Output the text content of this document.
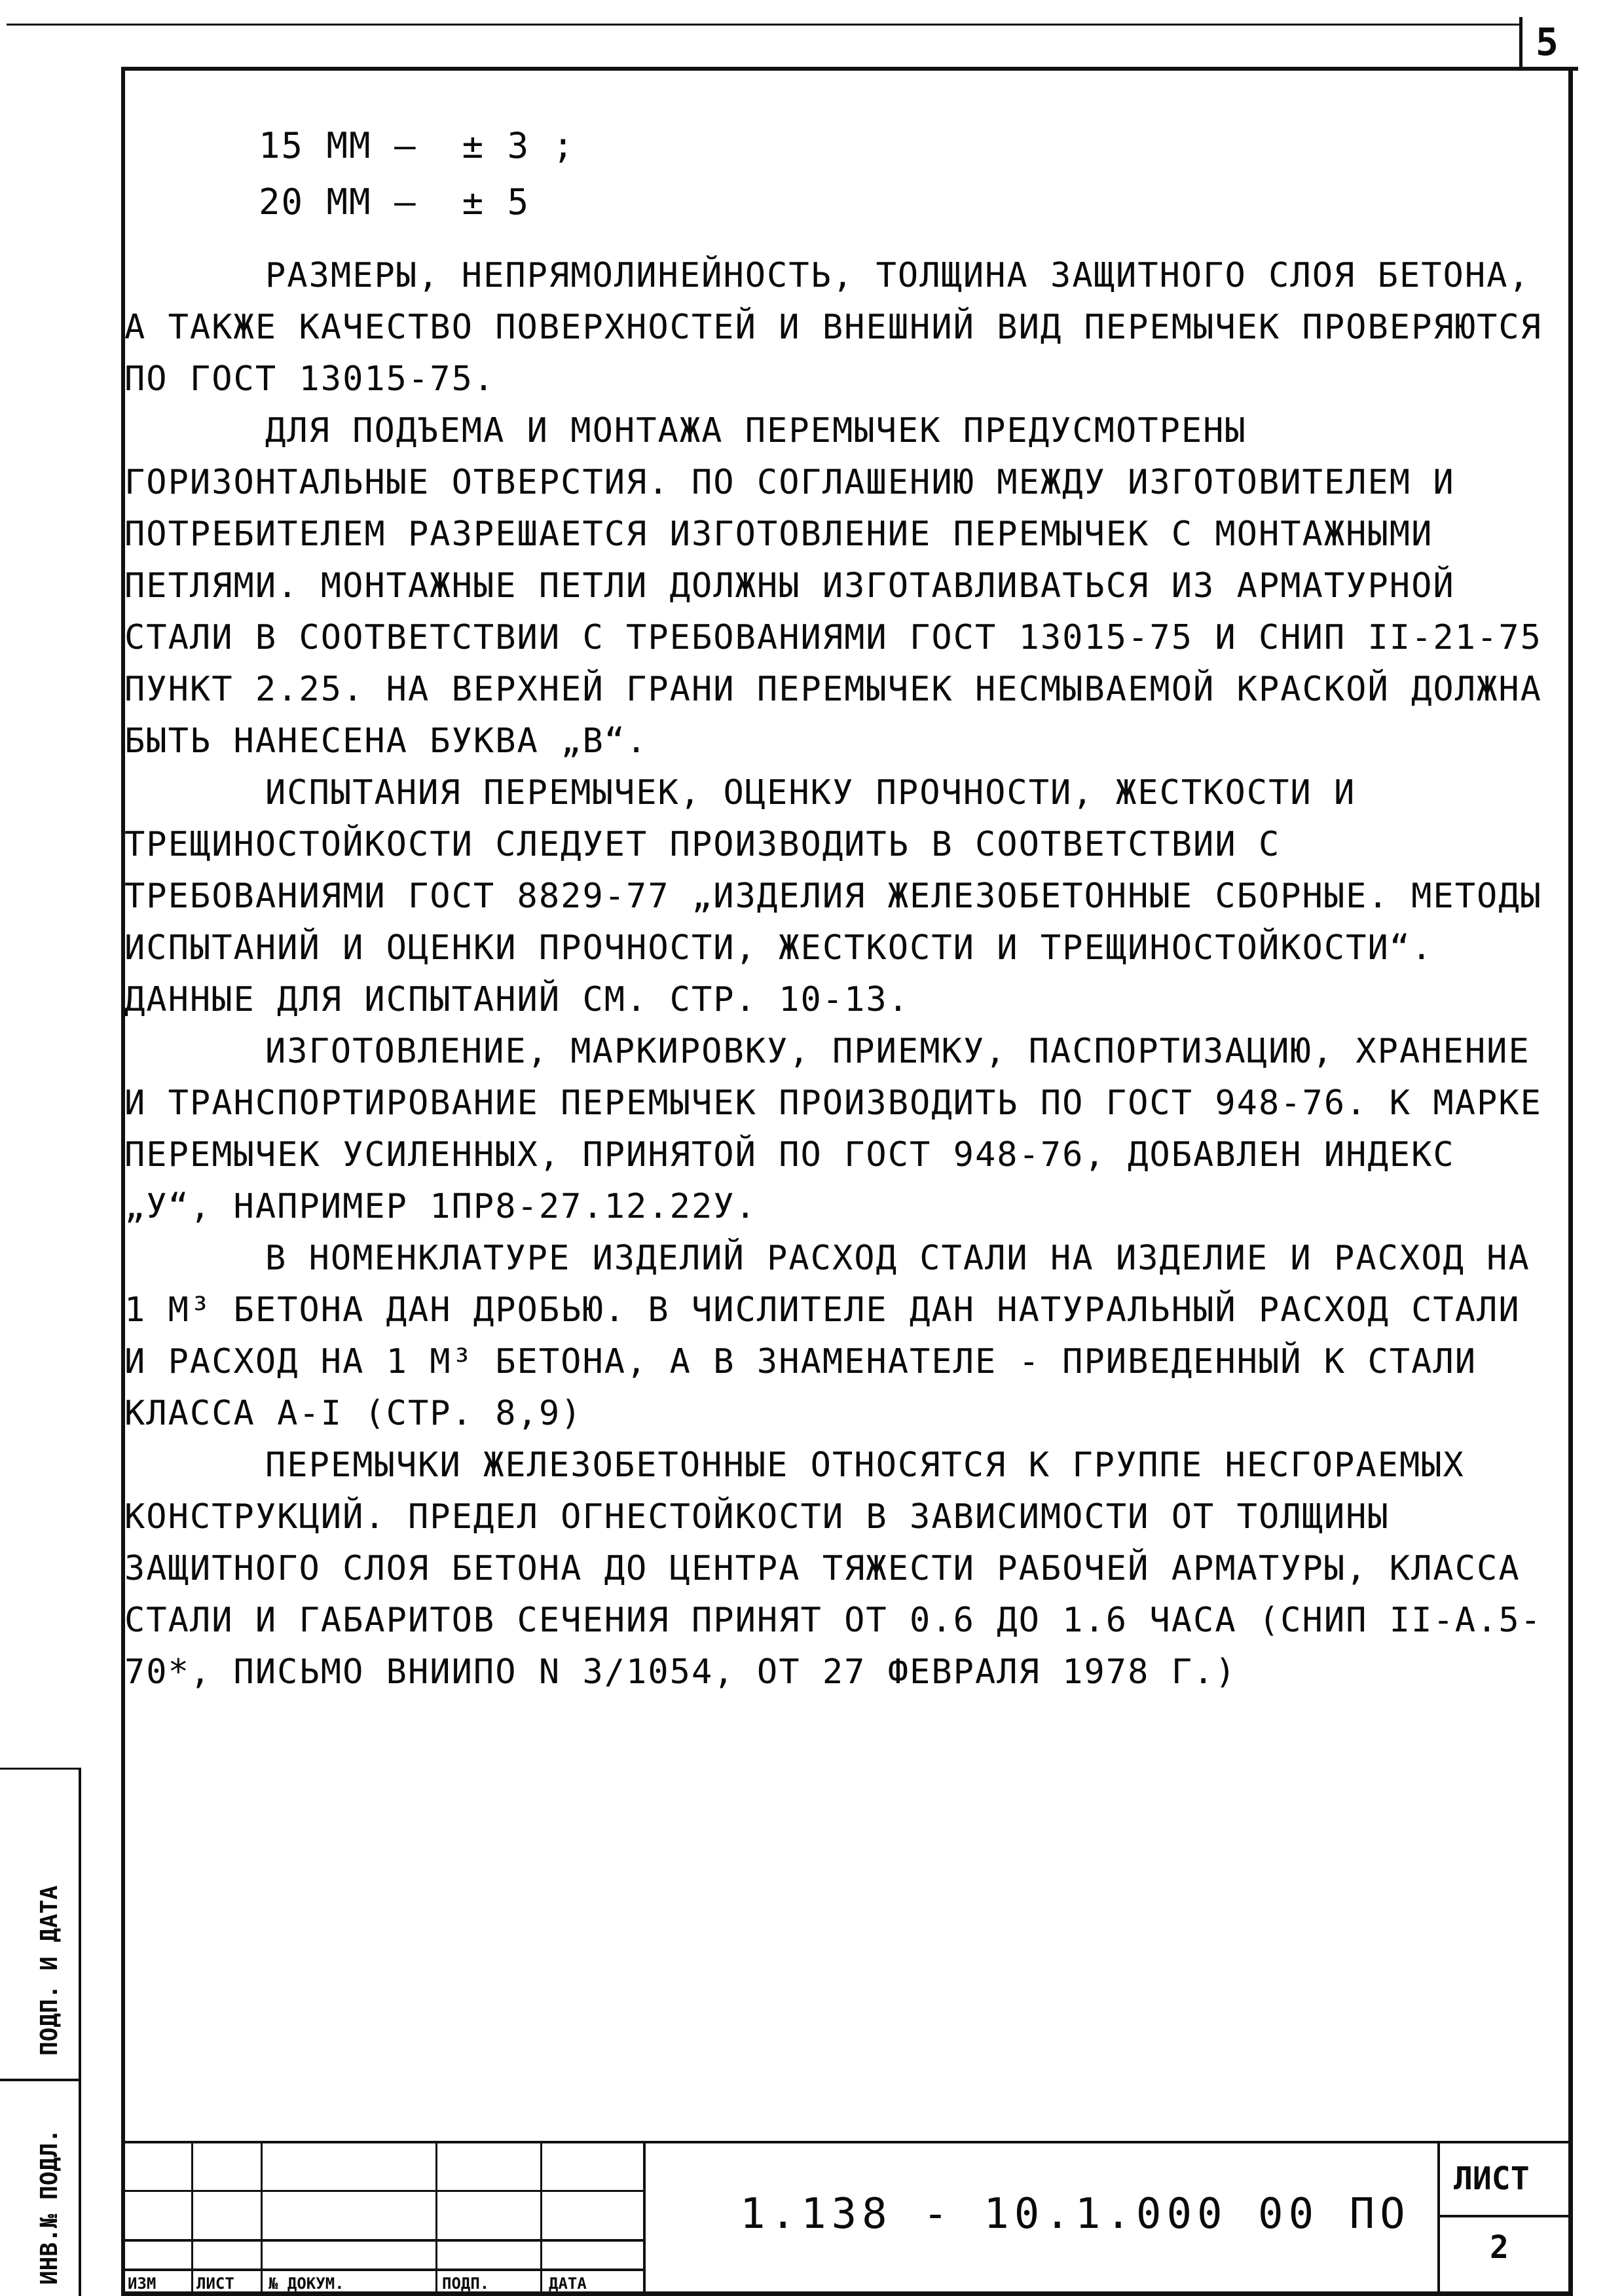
5
15 ММ —  ± 3 ;
20 ММ —  ± 5

РАЗМЕРЫ, НЕПРЯМОЛИНЕЙНОСТЬ, ТОЛЩИНА ЗАЩИТНОГО СЛОЯ БЕТОНА, А ТАКЖЕ КАЧЕСТВО ПОВЕРХНОСТЕЙ И ВНЕШНИЙ ВИД ПЕРЕМЫЧЕК ПРОВЕРЯЮТСЯ ПО ГОСТ 13015-75.

ДЛЯ ПОДЪЕМА И МОНТАЖА ПЕРЕМЫЧЕК ПРЕДУСМОТРЕНЫ ГОРИЗОНТАЛЬНЫЕ ОТВЕРСТИЯ. ПО СОГЛАШЕНИЮ МЕЖДУ ИЗГОТОВИТЕЛЕМ И ПОТРЕБИТЕЛЕМ РАЗРЕШАЕТСЯ ИЗГОТОВЛЕНИЕ ПЕРЕМЫЧЕК С МОНТАЖНЫМИ ПЕТЛЯМИ. МОНТАЖНЫЕ ПЕТЛИ ДОЛЖНЫ ИЗГОТАВЛИВАТЬСЯ ИЗ АРМАТУРНОЙ СТАЛИ В СООТВЕТСТВИИ С ТРЕБОВАНИЯМИ ГОСТ 13015-75 И СНИП II-21-75 ПУНКТ 2.25. НА ВЕРХНЕЙ ГРАНИ ПЕРЕМЫЧЕК НЕСМЫВАЕМОЙ КРАСКОЙ ДОЛЖНА БЫТЬ НАНЕСЕНА БУКВА „В“.

ИСПЫТАНИЯ ПЕРЕМЫЧЕК, ОЦЕНКУ ПРОЧНОСТИ, ЖЕСТКОСТИ И ТРЕЩИНОСТОЙКОСТИ СЛЕДУЕТ ПРОИЗВОДИТЬ В СООТВЕТСТВИИ С ТРЕБОВАНИЯМИ ГОСТ 8829-77 „ИЗДЕЛИЯ ЖЕЛЕЗОБЕТОННЫЕ СБОРНЫЕ. МЕТОДЫ ИСПЫТАНИЙ И ОЦЕНКИ ПРОЧНОСТИ, ЖЕСТКОСТИ И ТРЕЩИНОСТОЙКОСТИ“. ДАННЫЕ ДЛЯ ИСПЫТАНИЙ СМ. СТР. 10-13.

ИЗГОТОВЛЕНИЕ, МАРКИРОВКУ, ПРИЕМКУ, ПАСПОРТИЗАЦИЮ, ХРАНЕНИЕ И ТРАНСПОРТИРОВАНИЕ ПЕРЕМЫЧЕК ПРОИЗВОДИТЬ ПО ГОСТ 948-76. К МАРКЕ ПЕРЕМЫЧЕК УСИЛЕННЫХ, ПРИНЯТОЙ ПО ГОСТ 948-76, ДОБАВЛЕН ИНДЕКС „У“, НАПРИМЕР 1ПР8-27.12.22У.

В НОМЕНКЛАТУРЕ ИЗДЕЛИЙ РАСХОД СТАЛИ НА ИЗДЕЛИЕ И РАСХОД НА 1 М³ БЕТОНА ДАН ДРОБЬЮ. В ЧИСЛИТЕЛЕ ДАН НАТУРАЛЬНЫЙ РАСХОД СТАЛИ И РАСХОД НА 1 М³ БЕТОНА, А В ЗНАМЕНАТЕЛЕ - ПРИВЕДЕННЫЙ К СТАЛИ КЛАССА А-I (СТР. 8,9)

ПЕРЕМЫЧКИ ЖЕЛЕЗОБЕТОННЫЕ ОТНОСЯТСЯ К ГРУППЕ НЕСГОРАЕМЫХ КОНСТРУКЦИЙ. ПРЕДЕЛ ОГНЕСТОЙКОСТИ В ЗАВИСИМОСТИ ОТ ТОЛЩИНЫ ЗАЩИТНОГО СЛОЯ БЕТОНА ДО ЦЕНТРА ТЯЖЕСТИ РАБОЧЕЙ АРМАТУРЫ, КЛАССА СТАЛИ И ГАБАРИТОВ СЕЧЕНИЯ ПРИНЯТ ОТ 0.6 ДО 1.6 ЧАСА (СНИП II-А.5-70*, ПИСЬМО ВНИИПО N 3/1054, ОТ 27 ФЕВРАЛЯ 1978 Г.)

ПОДП. И ДАТА
ИНВ.№ ПОДЛ.	ИЗМ	ЛИСТ № ДОКУМ.	ПОДП.	ДАТА
1.138 - 10.1.000 00 ПО
ЛИСТ
2
